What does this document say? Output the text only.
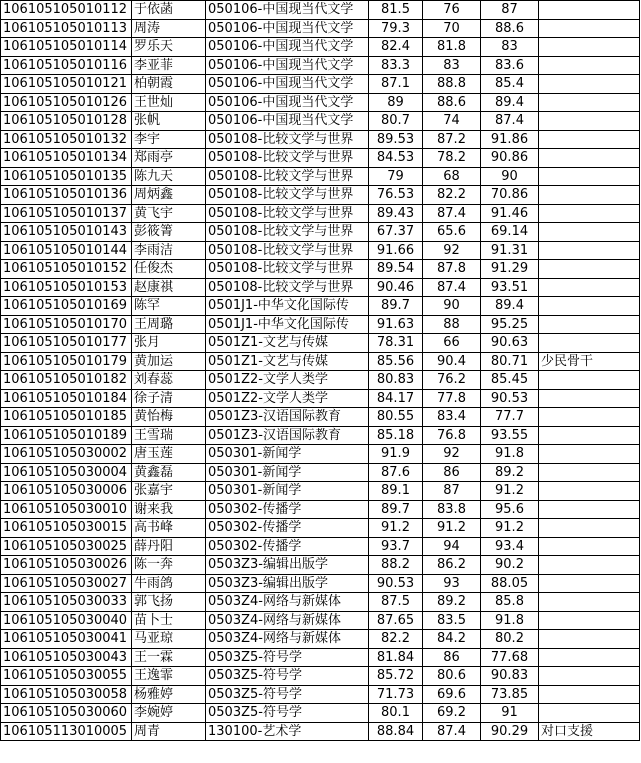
106105105010112	于依菡	050106-中国现当代文学	81.5	76	87	
106105105010113	周涛	050106-中国现当代文学	79.3	70	88.6	
106105105010114	罗乐天	050106-中国现当代文学	82.4	81.8	83	
106105105010116	李亚菲	050106-中国现当代文学	83.3	83	83.6	
106105105010121	柏朝霞	050106-中国现当代文学	87.1	88.8	85.4	
106105105010126	王世灿	050106-中国现当代文学	89	88.6	89.4	
106105105010128	张帆	050106-中国现当代文学	80.7	74	87.4	
106105105010132	李宇	050108-比较文学与世界	89.53	87.2	91.86	
106105105010134	郑雨亭	050108-比较文学与世界	84.53	78.2	90.86	
106105105010135	陈九天	050108-比较文学与世界	79	68	90	
106105105010136	周炳鑫	050108-比较文学与世界	76.53	82.2	70.86	
106105105010137	黄飞宇	050108-比较文学与世界	89.43	87.4	91.46	
106105105010143	彭筱箐	050108-比较文学与世界	67.37	65.6	69.14	
106105105010144	李雨洁	050108-比较文学与世界	91.66	92	91.31	
106105105010152	任俊杰	050108-比较文学与世界	89.54	87.8	91.29	
106105105010153	赵康祺	050108-比较文学与世界	90.46	87.4	93.51	
106105105010169	陈罕	0501J1-中华文化国际传	89.7	90	89.4	
106105105010170	王周璐	0501J1-中华文化国际传	91.63	88	95.25	
106105105010177	张月	0501Z1-文艺与传媒	78.31	66	90.63	
106105105010179	黄加运	0501Z1-文艺与传媒	85.56	90.4	80.71	少民骨干
106105105010182	刘春蕊	0501Z2-文学人类学	80.83	76.2	85.45	
106105105010184	徐子清	0501Z2-文学人类学	84.17	77.8	90.53	
106105105010185	黄怡梅	0501Z3-汉语国际教育	80.55	83.4	77.7	
106105105010189	王雪瑞	0501Z3-汉语国际教育	85.18	76.8	93.55	
106105105030002	唐玉莲	050301-新闻学	91.9	92	91.8	
106105105030004	黄鑫磊	050301-新闻学	87.6	86	89.2	
106105105030006	张嘉宇	050301-新闻学	89.1	87	91.2	
106105105030010	谢来我	050302-传播学	89.7	83.8	95.6	
106105105030015	高书峰	050302-传播学	91.2	91.2	91.2	
106105105030025	薛丹阳	050302-传播学	93.7	94	93.4	
106105105030026	陈一奔	0503Z3-编辑出版学	88.2	86.2	90.2	
106105105030027	牛雨鸽	0503Z3-编辑出版学	90.53	93	88.05	
106105105030033	郭飞扬	0503Z4-网络与新媒体	87.5	89.2	85.8	
106105105030040	苗卜士	0503Z4-网络与新媒体	87.65	83.5	91.8	
106105105030041	马亚琼	0503Z4-网络与新媒体	82.2	84.2	80.2	
106105105030043	王一霖	0503Z5-符号学	81.84	86	77.68	
106105105030055	王逸霏	0503Z5-符号学	85.72	80.6	90.83	
106105105030058	杨雅婷	0503Z5-符号学	71.73	69.6	73.85	
106105105030060	李婉婷	0503Z5-符号学	80.1	69.2	91	
106105113010005	周青	130100-艺术学	88.84	87.4	90.29	对口支援
